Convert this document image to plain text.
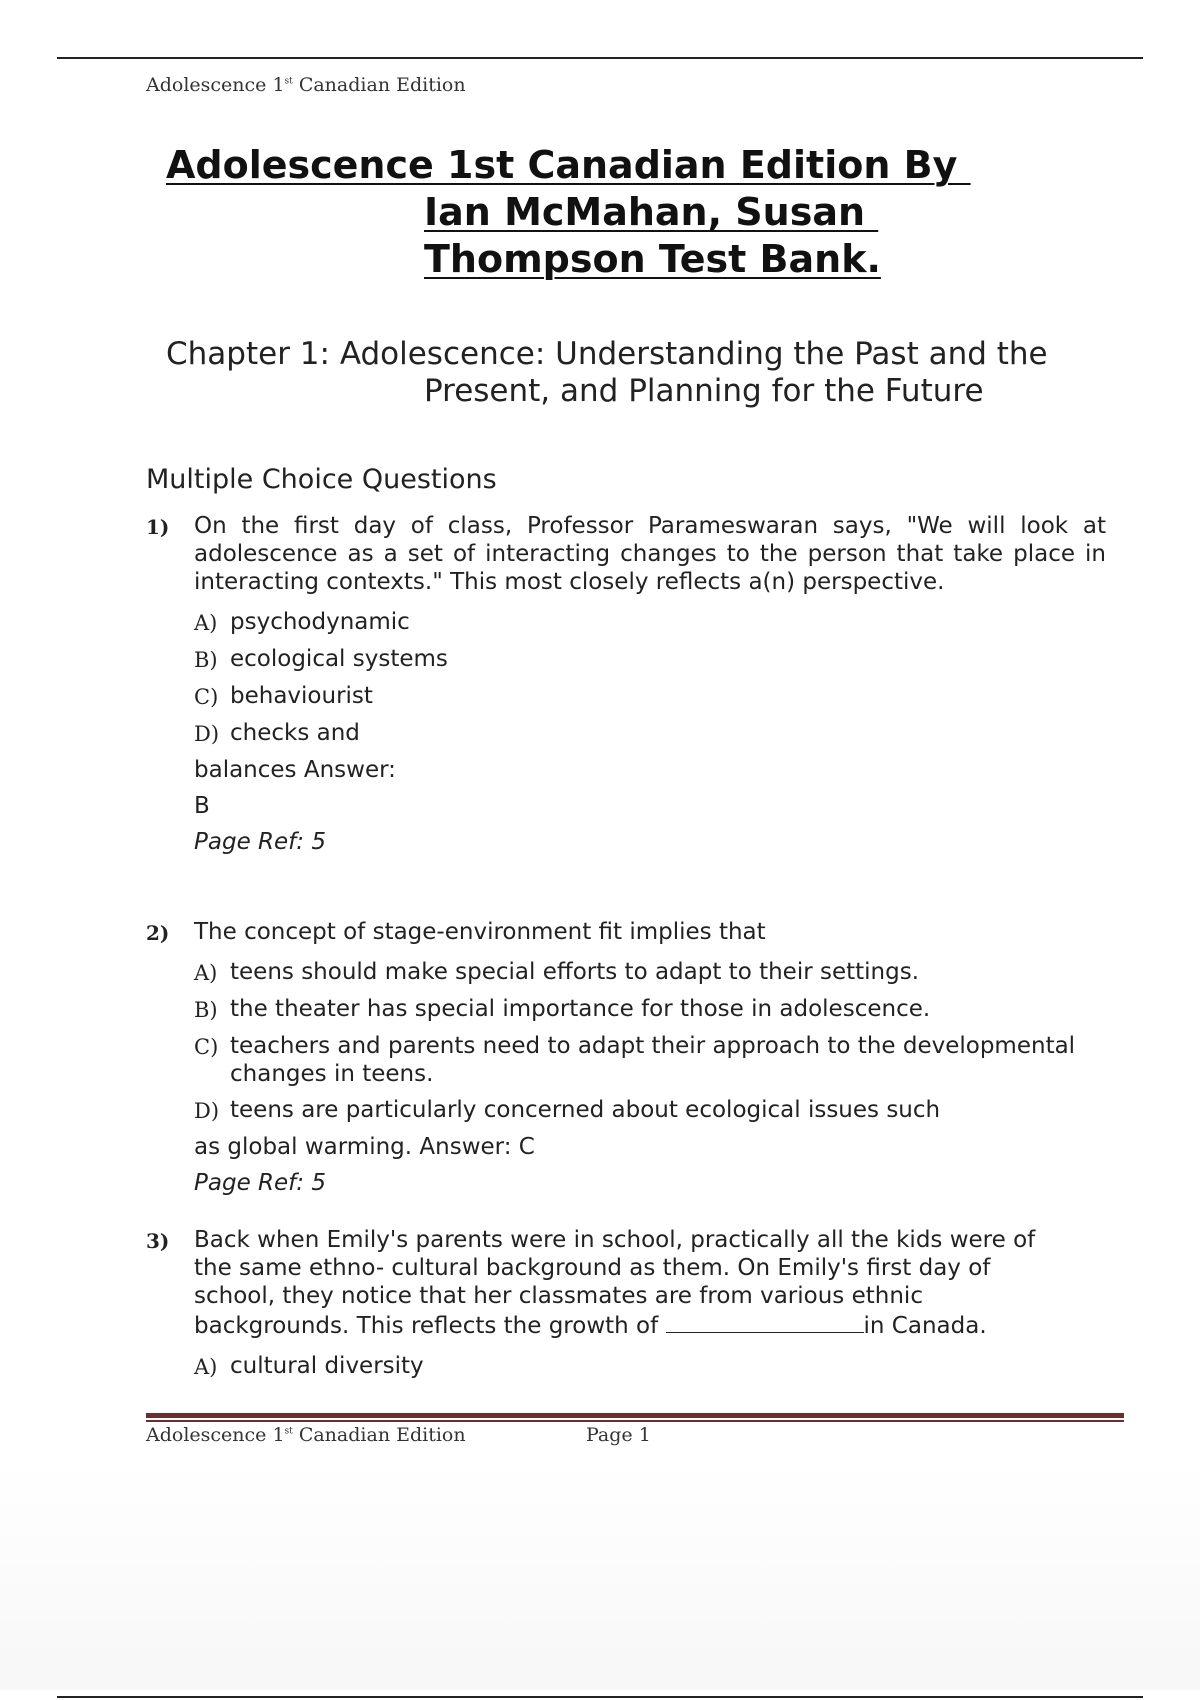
Adolescence 1st Canadian Edition
Adolescence 1st Canadian Edition By
Ian McMahan, Susan
Thompson Test Bank.
Chapter 1: Adolescence: Understanding the Past and the
Present, and Planning for the Future
Multiple Choice Questions
1)	On the first day of class, Professor Parameswaran says, "We will look at adolescence as a set of interacting changes to the person that take place in interacting contexts." This most closely reflects a(n) perspective.
A) psychodynamic
B) ecological systems
C) behaviourist
D) checks and
balances Answer:
B
Page Ref: 5
2)	The concept of stage-environment fit implies that
A) teens should make special efforts to adapt to their settings.
B) the theater has special importance for those in adolescence.
C) teachers and parents need to adapt their approach to the developmental changes in teens.
D) teens are particularly concerned about ecological issues such
as global warming. Answer: C
Page Ref: 5
3)	Back when Emily's parents were in school, practically all the kids were of the same ethno- cultural background as them. On Emily's first day of school, they notice that her classmates are from various ethnic backgrounds. This reflects the growth of	in Canada.
A) cultural diversity
Adolescence 1st Canadian Edition	Page 1
